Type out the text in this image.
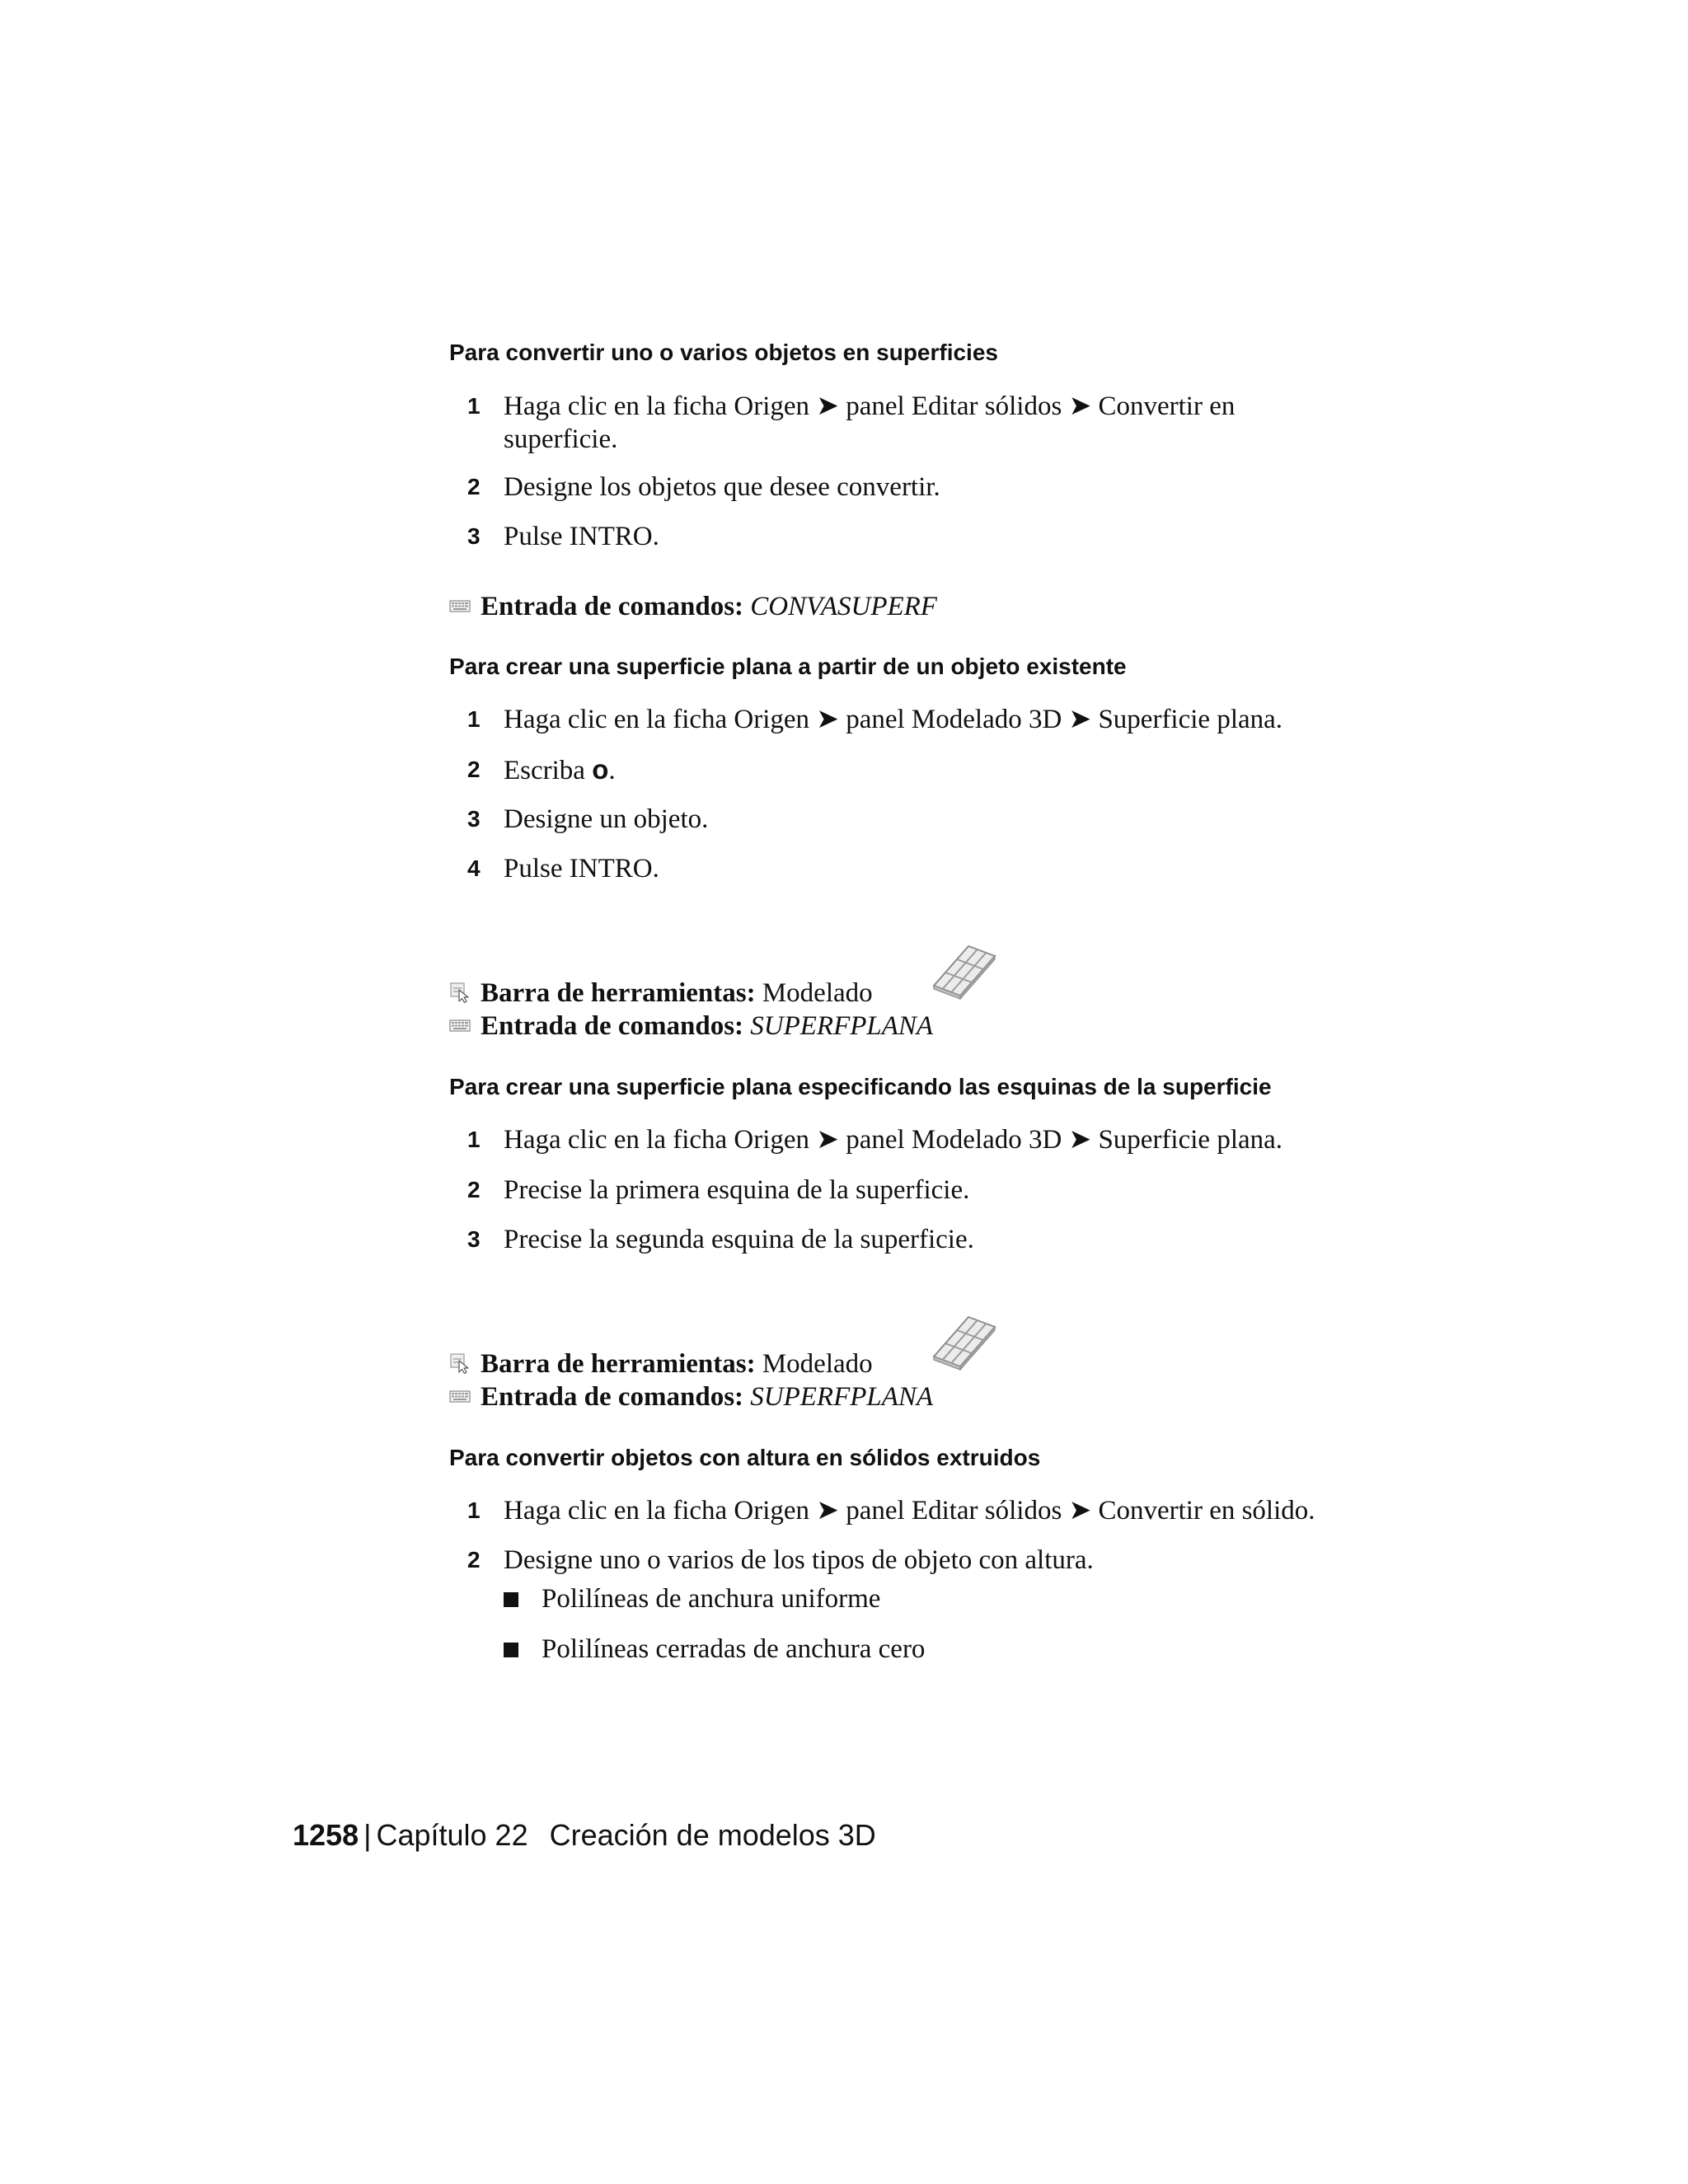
Para convertir uno o varios objetos en superficies
1 Haga clic en la ficha Origen ➤ panel Editar sólidos ➤ Convertir en superficie.
2 Designe los objetos que desee convertir.
3 Pulse INTRO.
Entrada de comandos: CONVASUPERF
Para crear una superficie plana a partir de un objeto existente
1 Haga clic en la ficha Origen ➤ panel Modelado 3D ➤ Superficie plana.
2 Escriba o.
3 Designe un objeto.
4 Pulse INTRO.
Barra de herramientas: Modelado
Entrada de comandos: SUPERFPLANA
Para crear una superficie plana especificando las esquinas de la superficie
1 Haga clic en la ficha Origen ➤ panel Modelado 3D ➤ Superficie plana.
2 Precise la primera esquina de la superficie.
3 Precise la segunda esquina de la superficie.
Barra de herramientas: Modelado
Entrada de comandos: SUPERFPLANA
Para convertir objetos con altura en sólidos extruidos
1 Haga clic en la ficha Origen ➤ panel Editar sólidos ➤ Convertir en sólido.
2 Designe uno o varios de los tipos de objeto con altura.
Polilíneas de anchura uniforme
Polilíneas cerradas de anchura cero
1258 | Capítulo 22 Creación de modelos 3D
